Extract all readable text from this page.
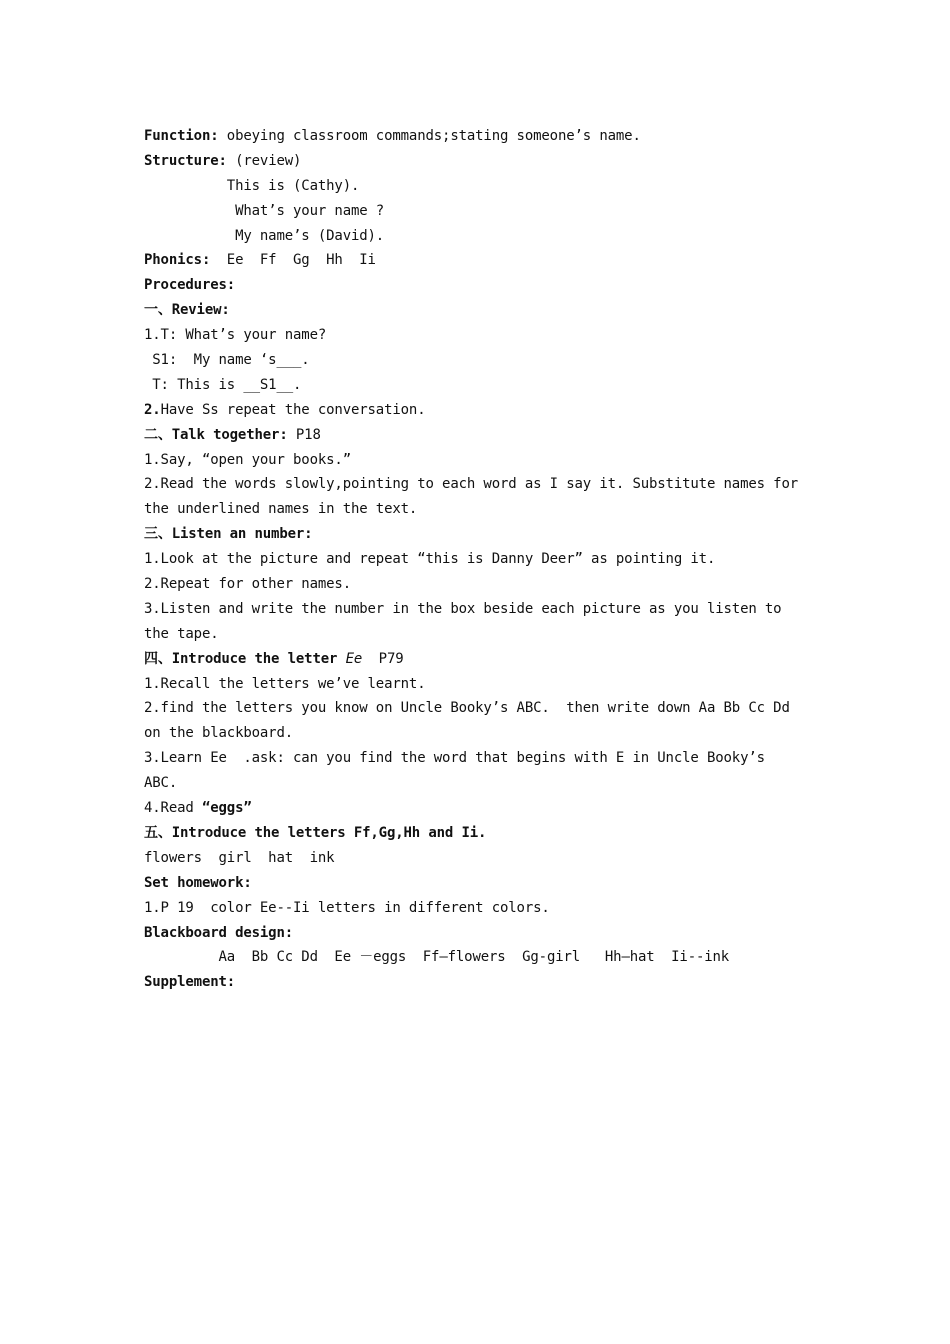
Function: obeying classroom commands;stating someone’s name.
Structure: (review)
This is (Cathy).
What’s your name ?
My name’s (David).
Phonics:  Ee  Ff  Gg  Hh  Ii
Procedures:
一、Review:
1.T: What’s your name?
S1:  My name ‘s___.
T: This is __S1__.
2.Have Ss repeat the conversation.
二、Talk together: P18
1.Say, “open your books.”
2.Read the words slowly,pointing to each word as I say it. Substitute names for
the underlined names in the text.
三、Listen an number:
1.Look at the picture and repeat “this is Danny Deer” as pointing it.
2.Repeat for other names.
3.Listen and write the number in the box beside each picture as you listen to
the tape.
四、Introduce the letter Ee  P79
1.Recall the letters we’ve learnt.
2.find the letters you know on Uncle Booky’s ABC.  then write down Aa Bb Cc Dd
on the blackboard.
3.Learn Ee  .ask: can you find the word that begins with E in Uncle Booky’s
ABC.
4.Read “eggs”
五、Introduce the letters Ff,Gg,Hh and Ii.
flowers  girl  hat  ink
Set homework:
1.P 19  color Ee--Ii letters in different colors.
Blackboard design:
Aa  Bb Cc Dd  Ee －eggs  Ff—flowers  Gg-girl   Hh—hat  Ii--ink
Supplement:
